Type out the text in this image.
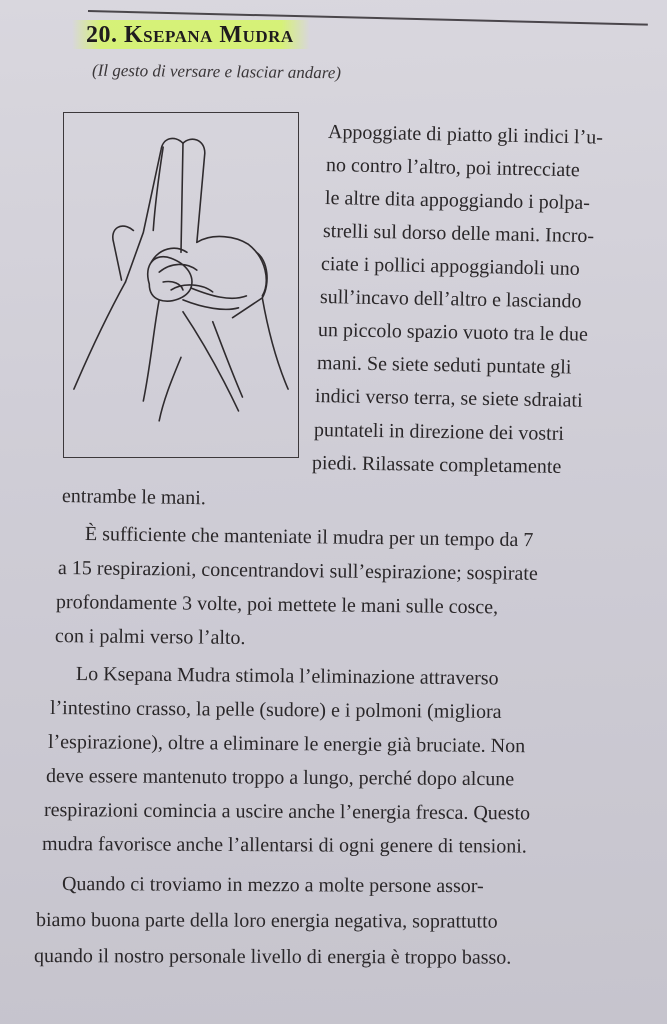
20. Ksepana Mudra
(Il gesto di versare e lasciar andare)
Appoggiate di piatto gli indici l’u-
no contro l’altro, poi intrecciate
le altre dita appoggiando i polpa-
strelli sul dorso delle mani. Incro-
ciate i pollici appoggiandoli uno
sull’incavo dell’altro e lasciando
un piccolo spazio vuoto tra le due
mani. Se siete seduti puntate gli
indici verso terra, se siete sdraiati
puntateli in direzione dei vostri
piedi. Rilassate completamente
entrambe le mani.
È sufficiente che manteniate il mudra per un tempo da 7
a 15 respirazioni, concentrandovi sull’espirazione; sospirate
profondamente 3 volte, poi mettete le mani sulle cosce,
con i palmi verso l’alto.
Lo Ksepana Mudra stimola l’eliminazione attraverso
l’intestino crasso, la pelle (sudore) e i polmoni (migliora
l’espirazione), oltre a eliminare le energie già bruciate. Non
deve essere mantenuto troppo a lungo, perché dopo alcune
respirazioni comincia a uscire anche l’energia fresca. Questo
mudra favorisce anche l’allentarsi di ogni genere di tensioni.
Quando ci troviamo in mezzo a molte persone assor-
biamo buona parte della loro energia negativa, soprattutto
quando il nostro personale livello di energia è troppo basso.
